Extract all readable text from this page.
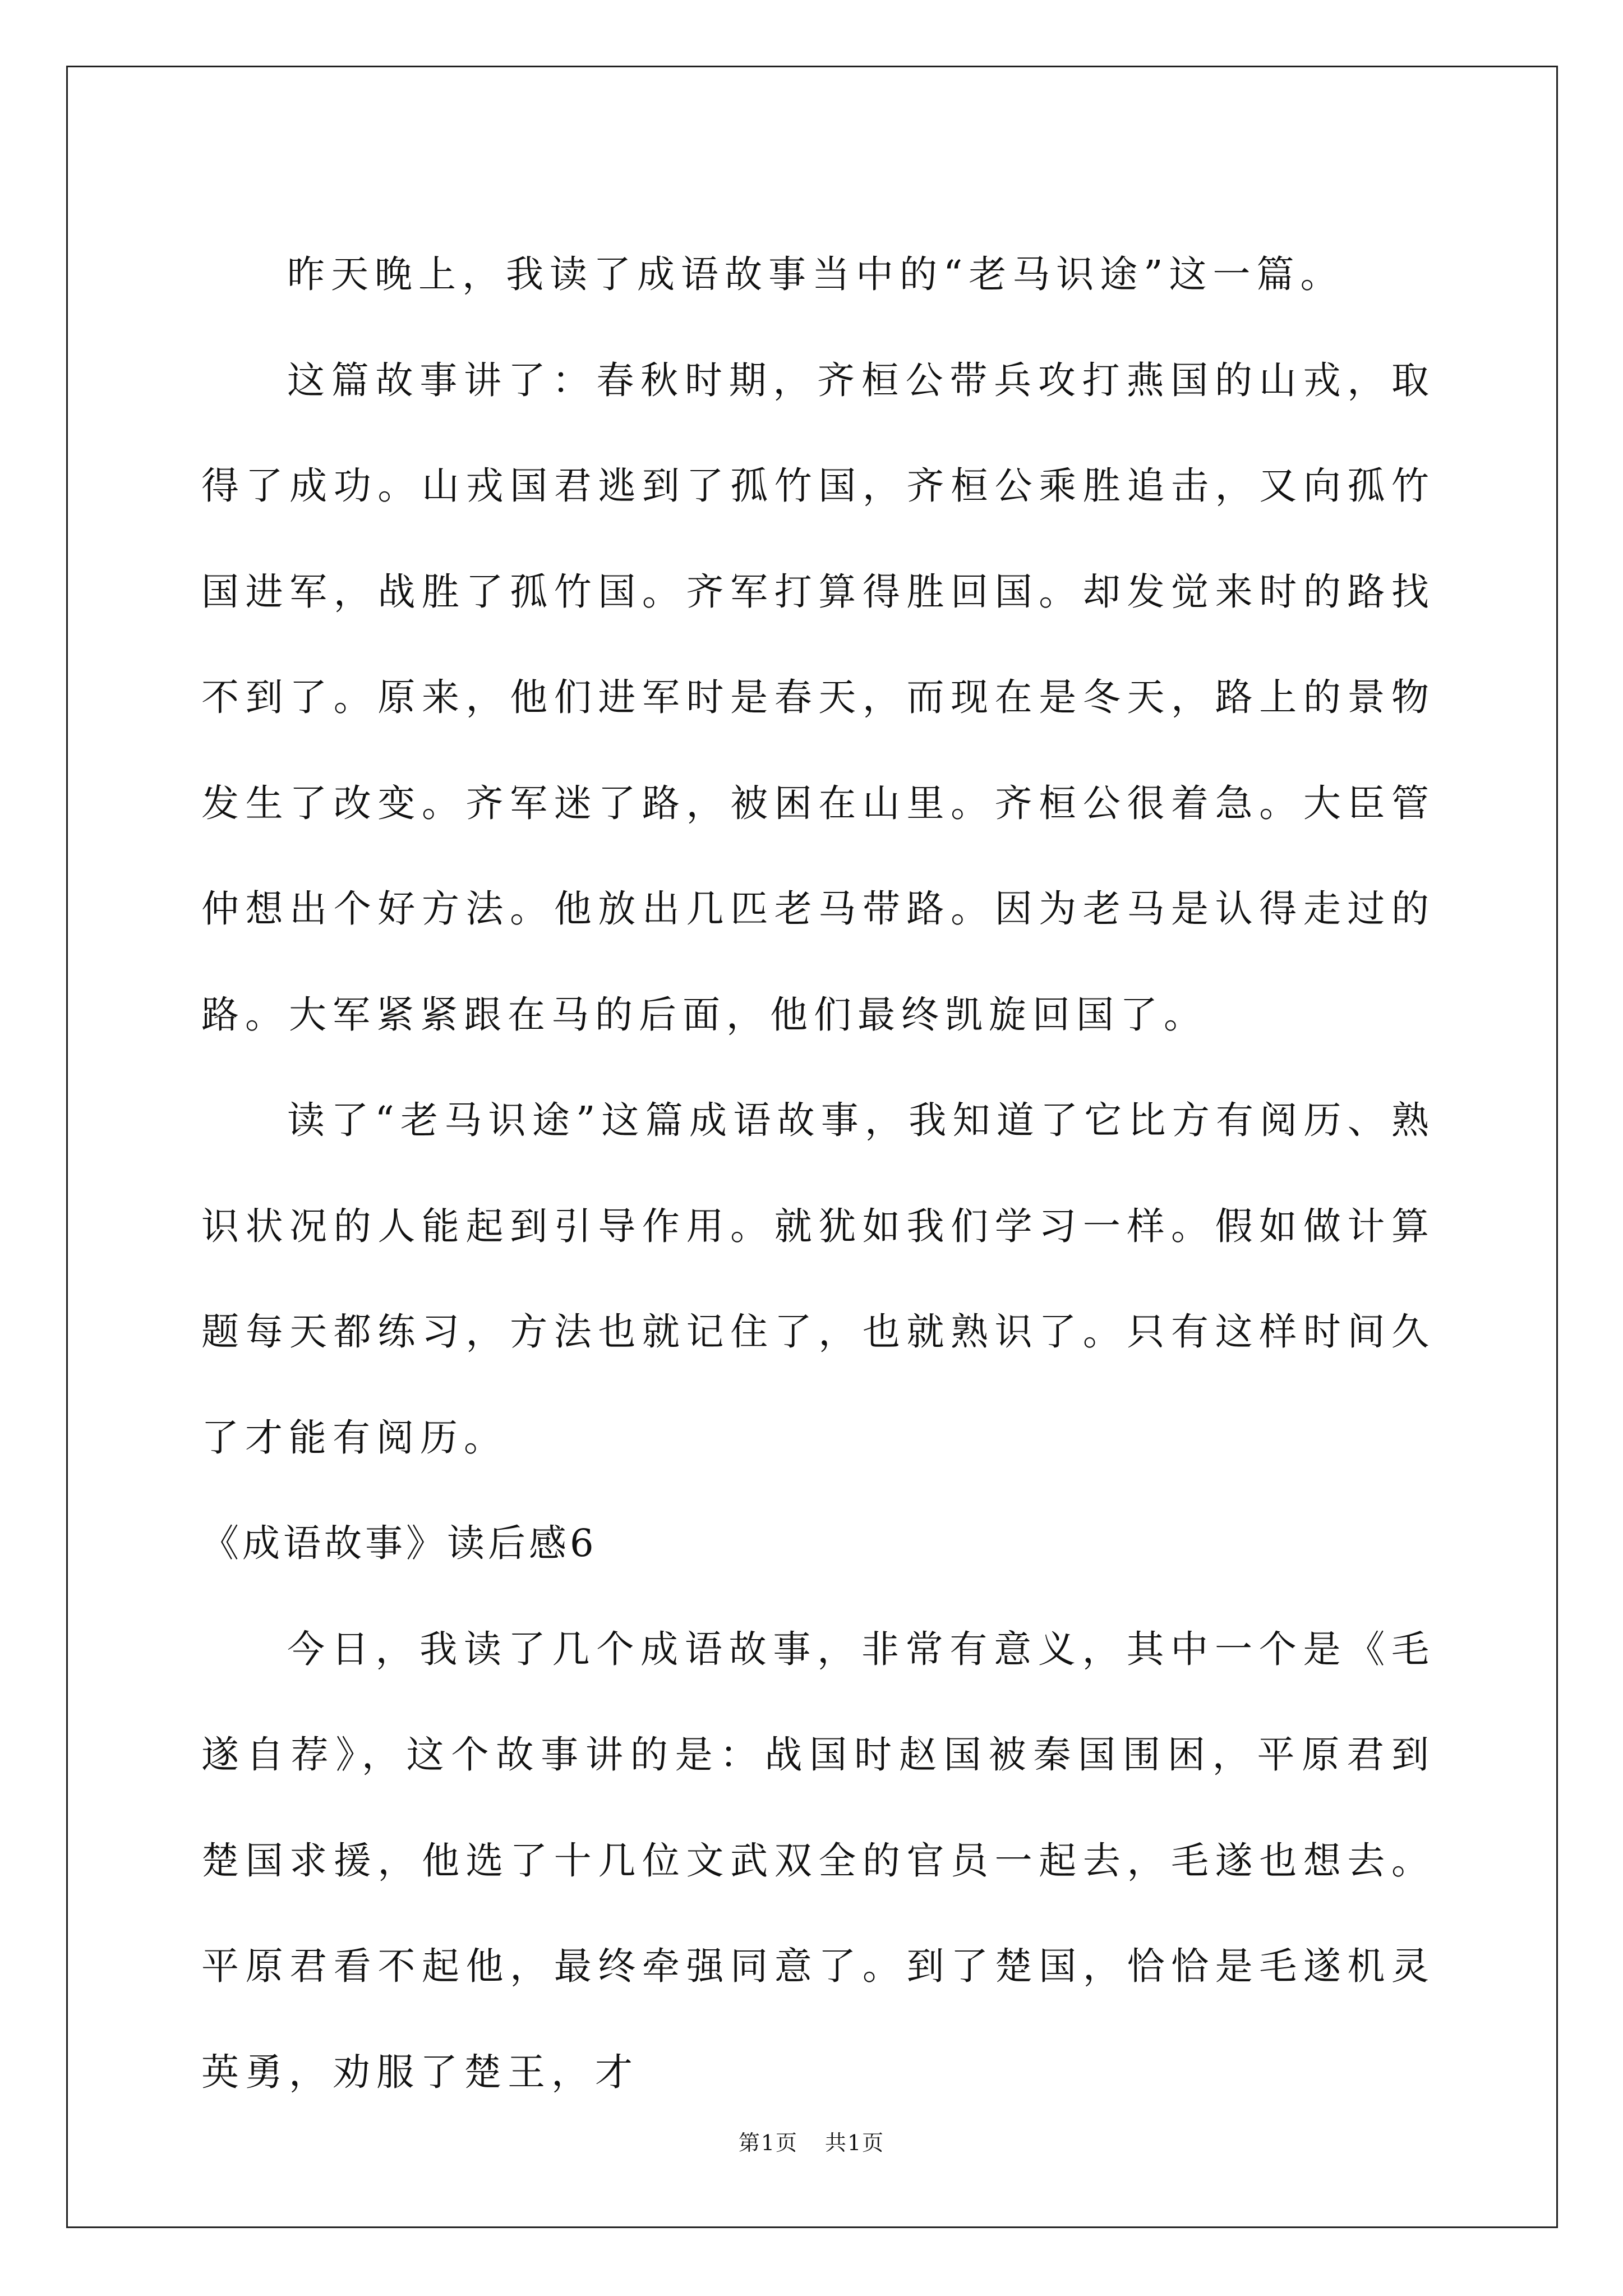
昨天晚上，我读了成语故事当中的“老马识途”这一篇。

这篇故事讲了：春秋时期，齐桓公带兵攻打燕国的山戎，取得了成功。山戎国君逃到了孤竹国，齐桓公乘胜追击，又向孤竹国进军，战胜了孤竹国。齐军打算得胜回国。却发觉来时的路找不到了。原来，他们进军时是春天，而现在是冬天，路上的景物发生了改变。齐军迷了路，被困在山里。齐桓公很着急。大臣管仲想出个好方法。他放出几匹老马带路。因为老马是认得走过的路。大军紧紧跟在马的后面，他们最终凯旋回国了。

读了“老马识途”这篇成语故事，我知道了它比方有阅历、熟识状况的人能起到引导作用。就犹如我们学习一样。假如做计算题每天都练习，方法也就记住了，也就熟识了。只有这样时间久了才能有阅历。

《成语故事》读后感6

今日，我读了几个成语故事，非常有意义，其中一个是《毛遂自荐》，这个故事讲的是：战国时赵国被秦国围困，平原君到楚国求援，他选了十几位文武双全的官员一起去，毛遂也想去。平原君看不起他，最终牵强同意了。到了楚国，恰恰是毛遂机灵英勇，劝服了楚王，才

第1页 共1页
